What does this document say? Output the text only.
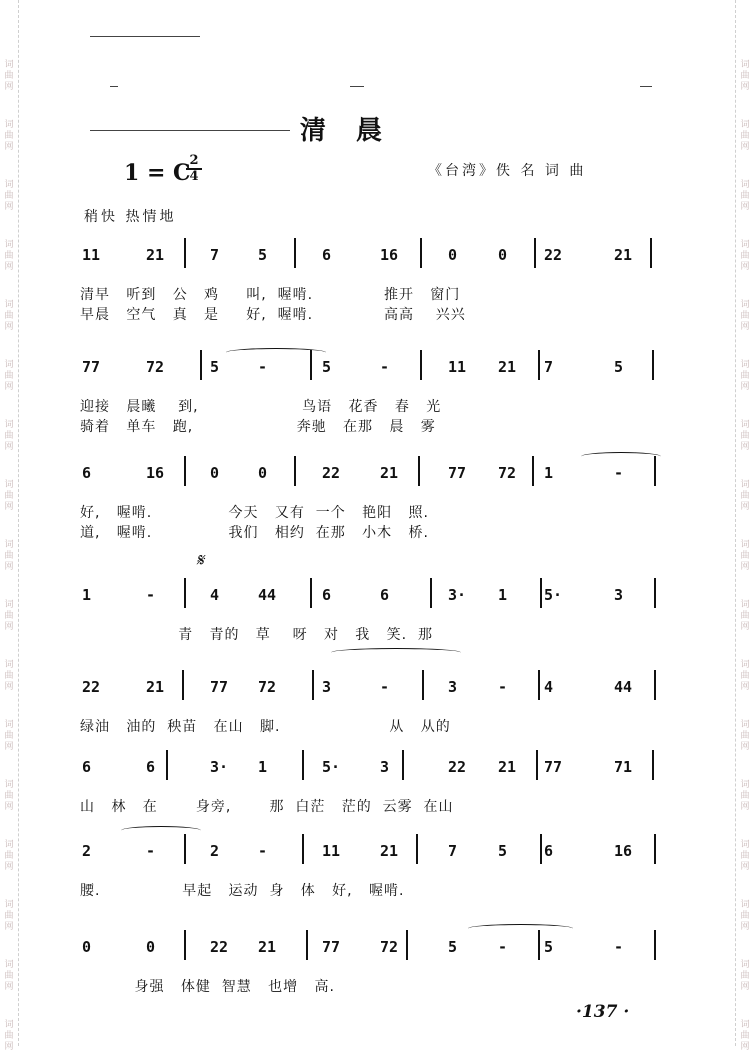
词
曲
网
词
曲
网
词
曲
网
词
曲
网
词
曲
网
词
曲
网
词
曲
网
词
曲
网
词
曲
网
词
曲
网
词
曲
网
词
曲
网
词
曲
网
词
曲
网
词
曲
网
词
曲
网
词
曲
网
词
曲
网
词
曲
网
词
曲
网
词
曲
网
词
曲
网
词
曲
网
词
曲
网
词
曲
网
词
曲
网
词
曲
网
词
曲
网
词
曲
网
词
曲
网
词
曲
网
词
曲
网
词
曲
网
词
曲
网
清晨
1 = C
2
4	《台湾》佚 名 词 曲
稍快 热情地
11	21	7	5	6	16	0	0 22	21
清早   听到   公   鸡     叫,  喔啃.             推开   窗门
早晨   空气   真   是     好,  喔啃.             高高    兴兴
77	72	5	-	5	-	11 21 7	5
迎接   晨曦    到,                   鸟语   花香   春   光
骑着   单车   跑,                   奔驰   在那   晨   雾
6	16	0	0	22	21	77 72 1	-
好,   喔啃.              今天   又有  一个   艳阳   照.
道,   喔啃.              我们   相约  在那   小木   桥.
1	-	4	44	6	6	3· 1 5·	3
𝄋
青   青的   草    呀   对   我   笑.  那
22	21	77 72	3	-	3	- 4	44
绿油   油的  秧苗   在山   脚.                    从   从的
6	6	3· 1	5·	3	22 21 77	71
山   林   在       身旁,       那  白茫   茫的  云雾  在山
2	-	2	-	11	21	7	5 6	16
腰.               早起   运动  身   体   好,   喔啃.
0	0	22 21	77	72	5	- 5	-
身强   体健  智慧   也增   高.
·137 ·
